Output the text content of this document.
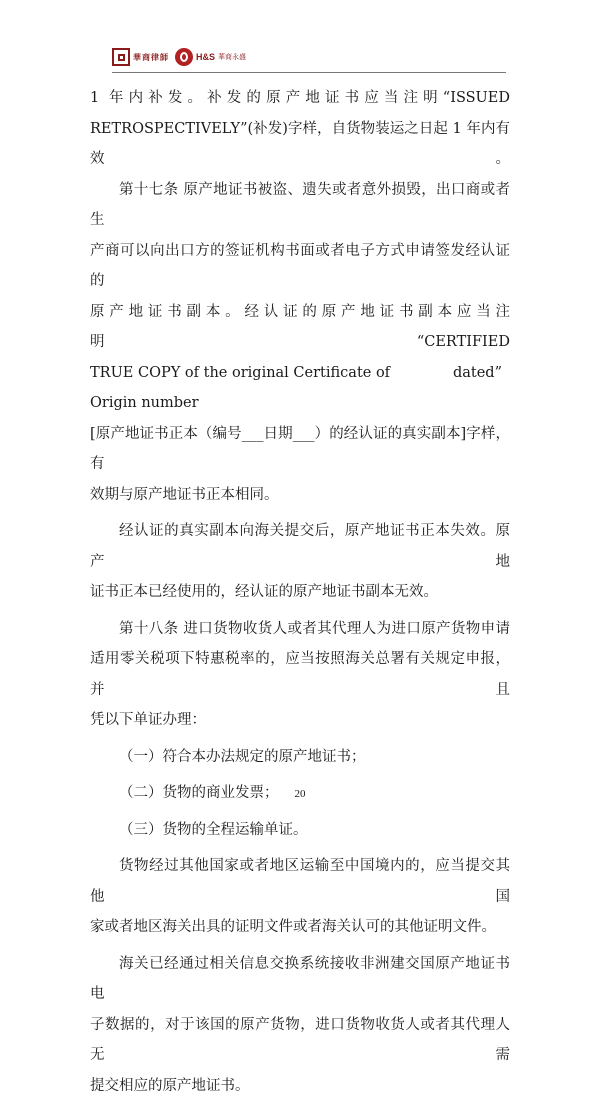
華商律師	H&S 華商永盛

1 年内补发。补发的原产地证书应当注明“ISSUED

RETROSPECTIVELY”(补发)字样，自货物装运之日起 1 年内有效。

第十七条 原产地证书被盗、遗失或者意外损毁，出口商或者生

产商可以向出口方的签证机构书面或者电子方式申请签发经认证的

原产地证书副本。经认证的原产地证书副本应当注明“CERTIFIED

TRUE COPY of the original Certificate of Origin number
dated ”

[原产地证书正本（编号___日期___）的经认证的真实副本]字样，有

效期与原产地证书正本相同。

经认证的真实副本向海关提交后，原产地证书正本失效。原产地

证书正本已经使用的，经认证的原产地证书副本无效。

第十八条 进口货物收货人或者其代理人为进口原产货物申请

适用零关税项下特惠税率的，应当按照海关总署有关规定申报，并且

凭以下单证办理：

（一）符合本办法规定的原产地证书；

（二）货物的商业发票；

（三）货物的全程运输单证。

货物经过其他国家或者地区运输至中国境内的，应当提交其他国

家或者地区海关出具的证明文件或者海关认可的其他证明文件。

海关已经通过相关信息交换系统接收非洲建交国原产地证书电

子数据的，对于该国的原产货物，进口货物收货人或者其代理人无需

提交相应的原产地证书。

20
